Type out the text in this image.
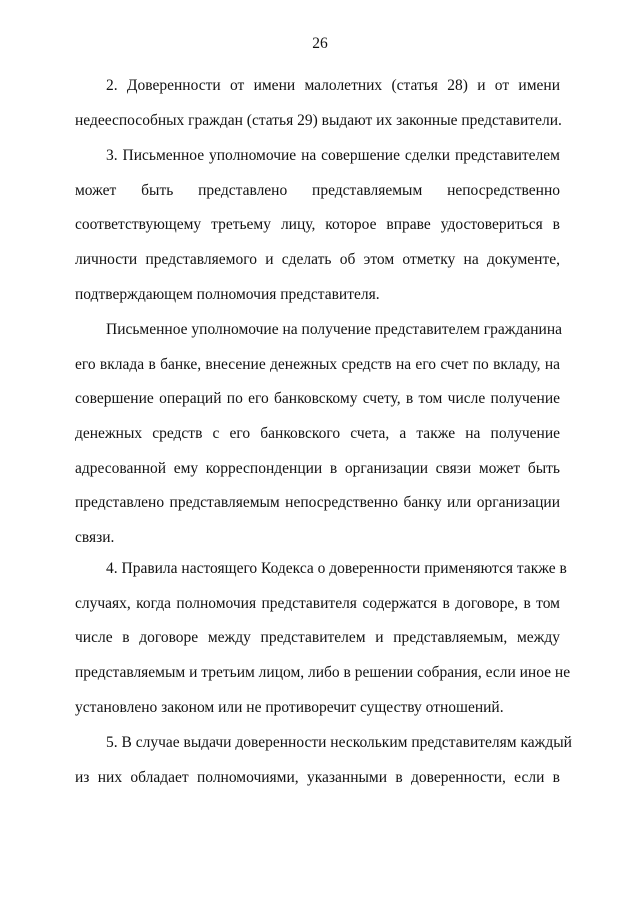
26
2. Доверенности от имени малолетних (статья 28) и от имени
недееспособных граждан (статья 29) выдают их законные представители.
3. Письменное уполномочие на совершение сделки представителем
может быть представлено представляемым непосредственно
соответствующему третьему лицу, которое вправе удостовериться в
личности представляемого и сделать об этом отметку на документе,
подтверждающем полномочия представителя.
Письменное уполномочие на получение представителем гражданина
его вклада в банке, внесение денежных средств на его счет по вкладу, на
совершение операций по его банковскому счету, в том числе получение
денежных средств с его банковского счета, а также на получение
адресованной ему корреспонденции в организации связи может быть
представлено представляемым непосредственно банку или организации
связи.
4. Правила настоящего Кодекса о доверенности применяются также в
случаях, когда полномочия представителя содержатся в договоре, в том
числе в договоре между представителем и представляемым, между
представляемым и третьим лицом, либо в решении собрания, если иное не
установлено законом или не противоречит существу отношений.
5. В случае выдачи доверенности нескольким представителям каждый
из них обладает полномочиями, указанными в доверенности, если в
